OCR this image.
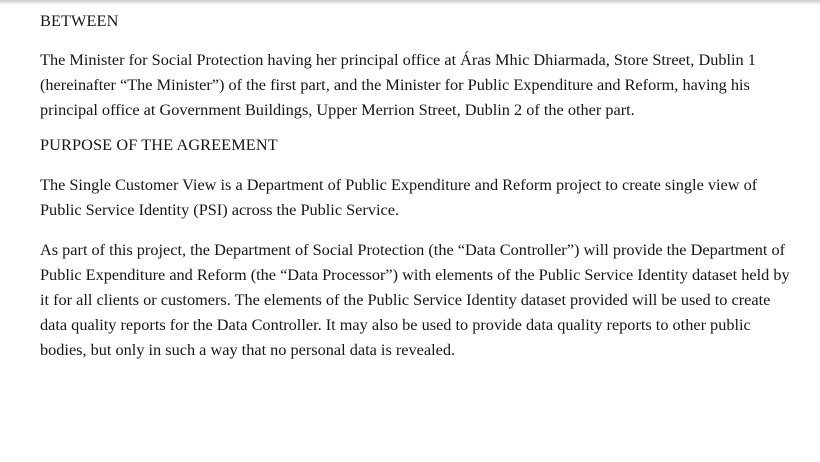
BETWEEN

The Minister for Social Protection having her principal office at Áras Mhic Dhiarmada, Store Street, Dublin 1 (hereinafter “The Minister”) of the first part, and the Minister for Public Expenditure and Reform, having his principal office at Government Buildings, Upper Merrion Street, Dublin 2 of the other part.

PURPOSE OF THE AGREEMENT

The Single Customer View is a Department of Public Expenditure and Reform project to create single view of Public Service Identity (PSI) across the Public Service.

As part of this project, the Department of Social Protection (the “Data Controller”) will provide the Department of Public Expenditure and Reform (the “Data Processor”) with elements of the Public Service Identity dataset held by it for all clients or customers. The elements of the Public Service Identity dataset provided will be used to create data quality reports for the Data Controller. It may also be used to provide data quality reports to other public bodies, but only in such a way that no personal data is revealed.
